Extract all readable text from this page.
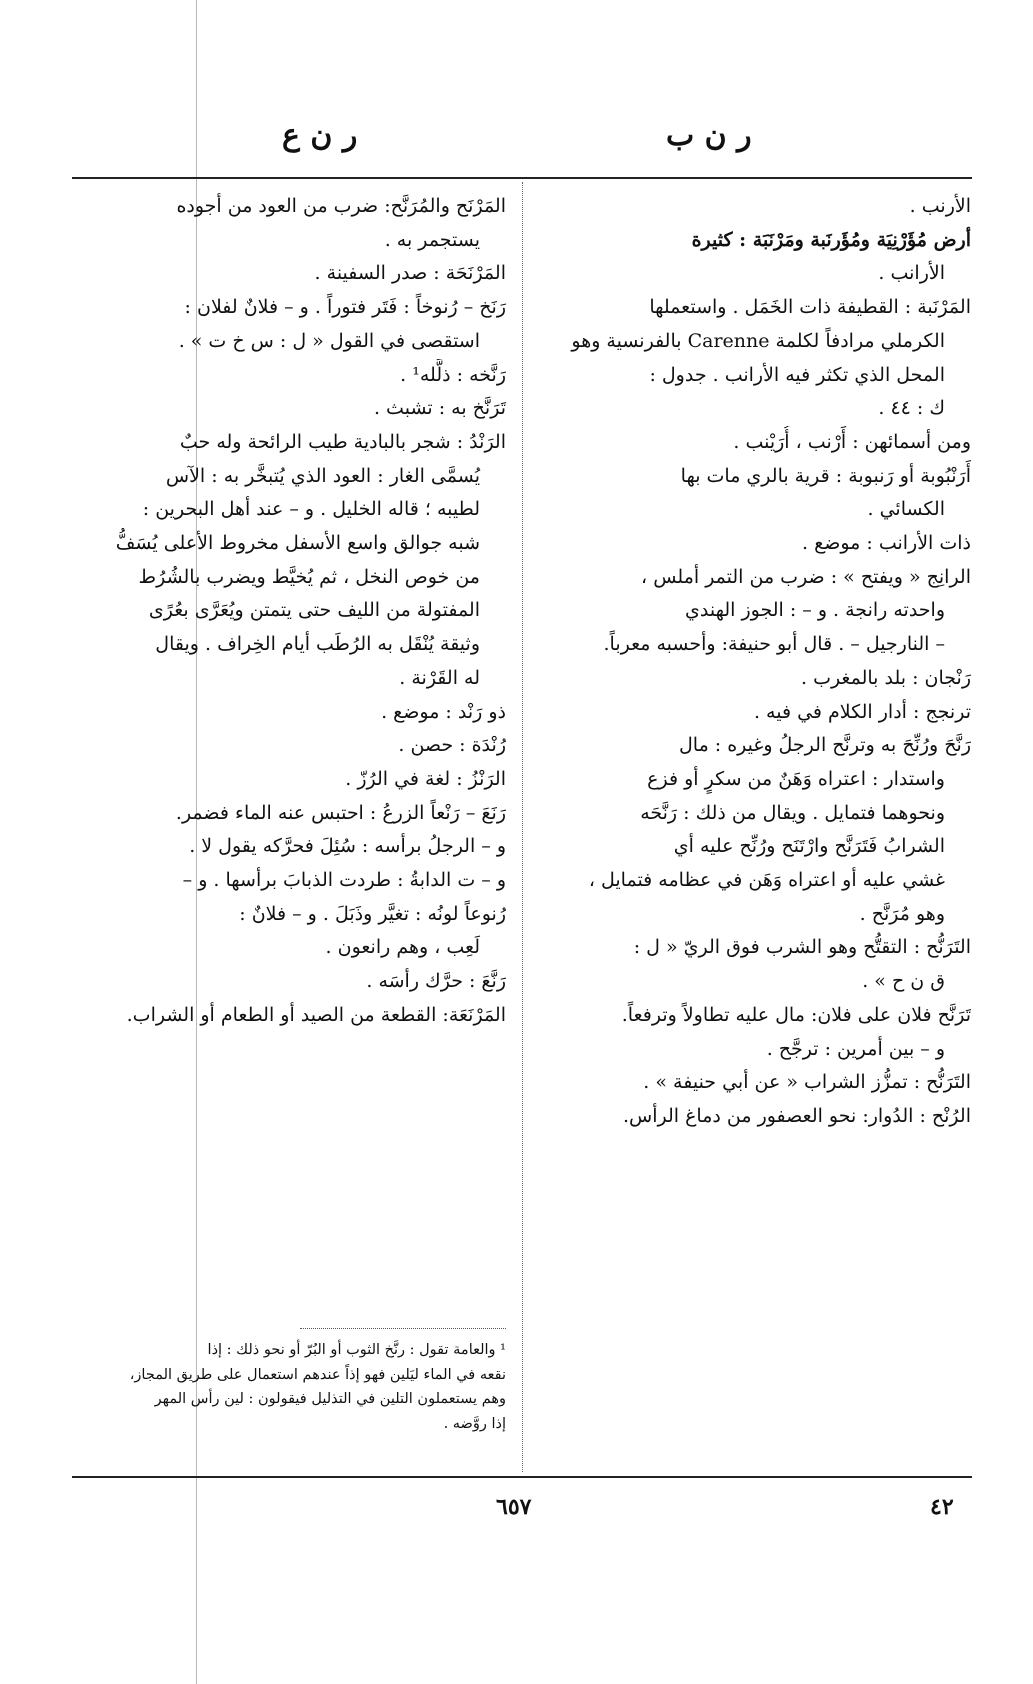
ر ن ع	ر ن ب
الأرنب .
أرض مُؤَرْنِيَة ومُؤَرنَبة ومَرْنَبَة : كثيرة
الأرانب .
المَرْنَبة : القطيفة ذات الخَمَل . واستعملها
الكرملي مرادفاً لكلمة Carenne بالفرنسية وهو
المحل الذي تكثر فيه الأرانب . جدول :
ك : ٤٤ .
ومن أسمائهن : أَرْنب ، أُرَيْنب .
أَرَنْبُوبة أو رَنبوبة : قرية بالري مات بها
الكسائي .
ذات الأرانب : موضع .
الرانِج « ويفتح » : ضرب من التمر أملس ،
واحدته رانجة . و – : الجوز الهندي
– النارجيل – . قال أبو حنيفة: وأحسبه معرباً.
رَنْجان : بلد بالمغرب .
ترنجج : أدار الكلام في فيه .
رَنَّحَ ورُنِّحَ به وترنَّح الرجلُ وغيره : مال
واستدار : اعتراه وَهَنٌ من سكرٍ أو فزع
ونحوهما فتمايل . ويقال من ذلك : رَنَّحَه
الشرابُ فَتَرَنَّح وارْتَنَح ورُنِّح عليه أي
غشي عليه أو اعتراه وَهَن في عظامه فتمايل ،
وهو مُرَنَّح .
التَرَنُّح : التقتُّح وهو الشرب فوق الريّ « ل :
ق ن ح » .
تَرَنَّح فلان على فلان: مال عليه تطاولاً وترفعاً.
و – بين أمرين : ترجَّح .
التَرَنُّح : تمزُّز الشراب « عن أبي حنيفة » .
الرُنْح : الدُوار: نحو العصفور من دماغ الرأس.
المَرْنَح والمُرَنَّح: ضرب من العود من أجوده
يستجمر به .
المَرْنَحَة : صدر السفينة .
رَنَخ – رُنوخاً : فَتَر فتوراً . و – فلانٌ لفلان :
استقصى في القول « ل : س خ ت » .
رَنَّخه : ذلَّله¹ .
تَرَنَّخ به : تشبث .
الرَنْدُ : شجر بالبادية طيب الرائحة وله حبٌ
يُسمَّى الغار : العود الذي يُتبخَّر به : الآس
لطيبه ؛ قاله الخليل . و – عند أهل البحرين :
شبه جوالق واسع الأسفل مخروط الأعلى يُسَفُّ
من خوص النخل ، ثم يُخيَّط ويضرب بالشُرُط
المفتولة من الليف حتى يتمتن ويُعَرَّى بعُرًى
وثيقة يُنْقَل به الرُطَب أيام الخِراف . ويقال
له القَرْنة .
ذو رَنْد : موضع .
رُنْدَة : حصن .
الرَنْزُ : لغة في الرُزّ .
رَنَعَ – رَنْعاً الزرعُ : احتبس عنه الماء فضمر.
و – الرجلُ برأسه : سُئِلَ فحرَّكه يقول لا .
و – ت الدابةُ : طردت الذبابَ برأسها . و –
رُنوعاً لونُه : تغيَّر وذَبَلَ . و – فلانٌ :
لَعِب ، وهم رانعون .
رَنَّعَ : حرَّك رأسَه .
المَرْنَعَة: القطعة من الصيد أو الطعام أو الشراب.
¹ والعامة تقول : رنَّخ الثوب أو البُرّ أو نحو ذلك : إذا
نقعه في الماء ليَلين فهو إذاً عندهم استعمال على طريق المجاز،
وهم يستعملون التلين في التذليل فيقولون : لين رأس المهر
إذا روَّضه .
٦٥٧	٤٢
